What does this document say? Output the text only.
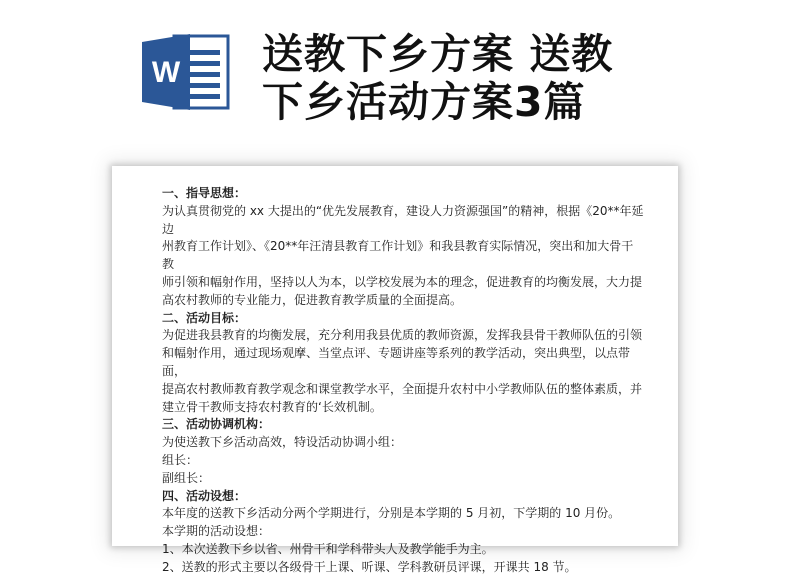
W 送教下乡方案 送教
下乡活动方案3篇

一、指导思想：

为认真贯彻党的 xx 大提出的“优先发展教育，建设人力资源强国”的精神，根据《20**年延边

州教育工作计划》、《20**年汪清县教育工作计划》和我县教育实际情况，突出和加大骨干教

师引领和幅射作用，坚持以人为本，以学校发展为本的理念，促进教育的均衡发展，大力提

高农村教师的专业能力，促进教育教学质量的全面提高。

二、活动目标：

为促进我县教育的均衡发展，充分利用我县优质的教师资源，发挥我县骨干教师队伍的引领

和幅射作用，通过现场观摩、当堂点评、专题讲座等系列的教学活动，突出典型，以点带面，

提高农村教师教育教学观念和课堂教学水平，全面提升农村中小学教师队伍的整体素质，并

建立骨干教师支持农村教育的‘长效机制。

三、活动协调机构：

为使送教下乡活动高效，特设活动协调小组：

组长：

副组长：

四、活动设想：

本年度的送教下乡活动分两个学期进行，分别是本学期的 5 月初，下学期的 10 月份。

本学期的活动设想：

1、本次送教下乡以省、州骨干和学科带头人及教学能手为主。

2、送教的形式主要以各级骨干上课、听课、学科教研员评课，开课共 18 节。
